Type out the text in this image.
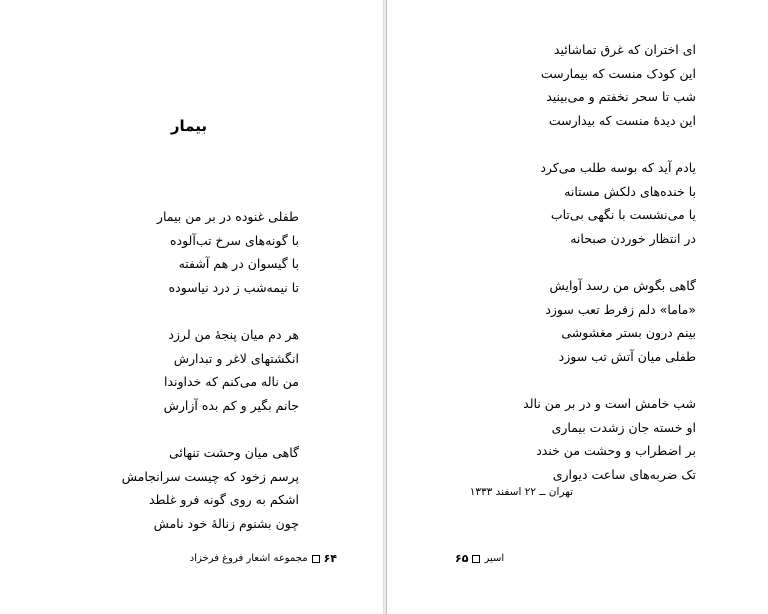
بیمار
طفلی غنوده در بر من بیمار
با گونه‌های سرخ تب‌آلوده
با گیسوان در هم آشفته
تا نیمه‌شب ز درد نیاسوده
هر دم میان پنجهٔ من لرزد
انگشتهای لاغر و تبدارش
من ناله می‌کنم که خداوندا
جانم بگیر و کم بده آزارش
گاهی میان وحشت تنهائی
پرسم زخود که چیست سرانجامش
اشکم به روی گونه فرو غلطد
چون بشنوم زنالهٔ خود نامش
۶۴
مجموعه اشعار فروغ فرخزاد
ای اختران که غرق تماشائید
این کودک منست که بیمارست
شب تا سحر نخفتم و می‌بینید
این دیدهٔ منست که بیدارست
یادم آید که بوسه طلب می‌کرد
با خنده‌های دلکش مستانه
یا می‌نشست با نگهی بی‌تاب
در انتظار خوردن صبحانه
گاهی بگوش من رسد آوایش
«ماما» دلم زفرط تعب سوزد
بینم درون بستر مغشوشی
طفلی میان آتش تب سوزد
شب خامش است و در بر من نالد
او خسته جان زشدت بیماری
بر اضطراب و وحشت من خندد
تک ضربه‌های ساعت دیواری
تهران ــ ۲۲ اسفند ۱۳۳۳
اسیر
۶۵
